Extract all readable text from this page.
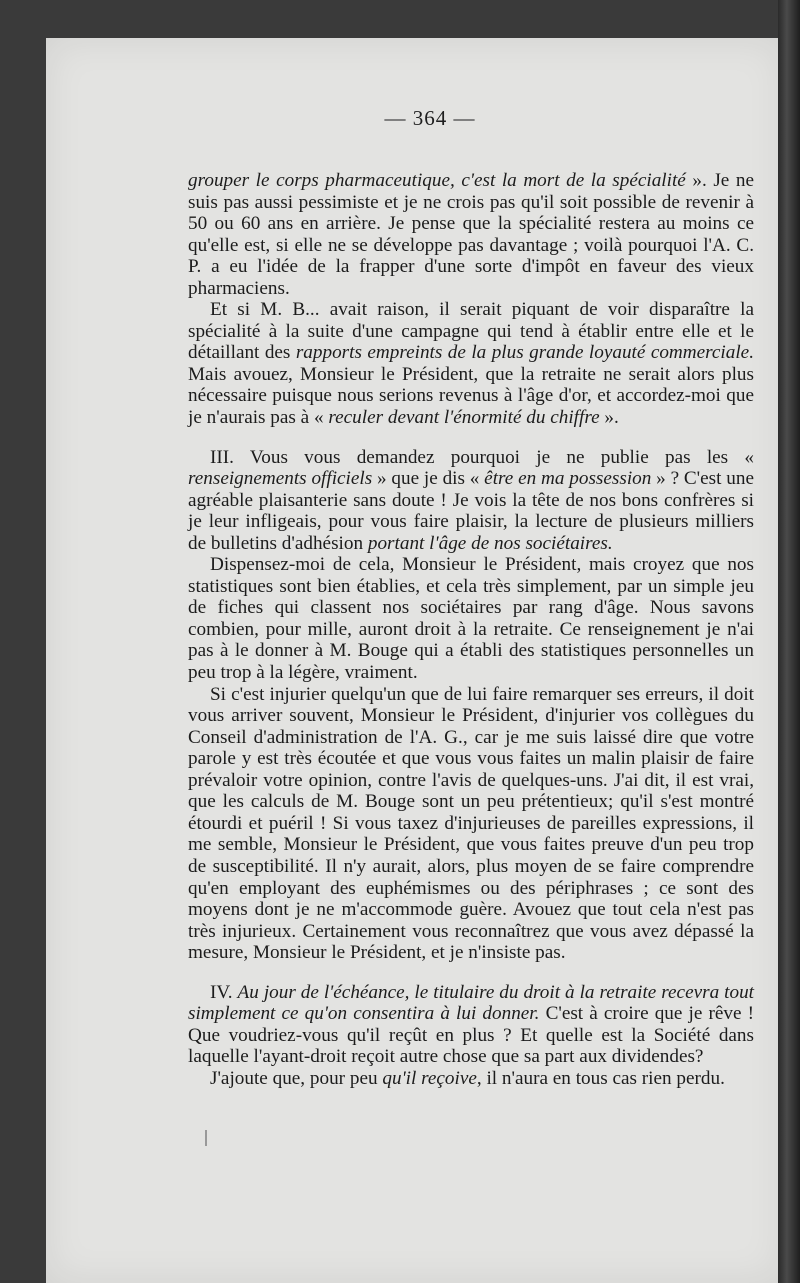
— 364 —

grouper le corps pharmaceutique, c'est la mort de la spécialité ». Je ne suis pas aussi pessimiste et je ne crois pas qu'il soit possible de revenir à 50 ou 60 ans en arrière. Je pense que la spécialité restera au moins ce qu'elle est, si elle ne se développe pas davantage ; voilà pourquoi l'A. C. P. a eu l'idée de la frapper d'une sorte d'impôt en faveur des vieux pharmaciens.

Et si M. B... avait raison, il serait piquant de voir disparaître la spécialité à la suite d'une campagne qui tend à établir entre elle et le détaillant des rapports empreints de la plus grande loyauté commerciale. Mais avouez, Monsieur le Président, que la retraite ne serait alors plus nécessaire puisque nous serions revenus à l'âge d'or, et accordez-moi que je n'aurais pas à « reculer devant l'énormité du chiffre ».

III. Vous vous demandez pourquoi je ne publie pas les « renseignements officiels » que je dis « être en ma possession » ? C'est une agréable plaisanterie sans doute ! Je vois la tête de nos bons confrères si je leur infligeais, pour vous faire plaisir, la lecture de plusieurs milliers de bulletins d'adhésion portant l'âge de nos sociétaires.

Dispensez-moi de cela, Monsieur le Président, mais croyez que nos statistiques sont bien établies, et cela très simplement, par un simple jeu de fiches qui classent nos sociétaires par rang d'âge. Nous savons combien, pour mille, auront droit à la retraite. Ce renseignement je n'ai pas à le donner à M. Bouge qui a établi des statistiques personnelles un peu trop à la légère, vraiment.

Si c'est injurier quelqu'un que de lui faire remarquer ses erreurs, il doit vous arriver souvent, Monsieur le Président, d'injurier vos collègues du Conseil d'administration de l'A. G., car je me suis laissé dire que votre parole y est très écoutée et que vous vous faites un malin plaisir de faire prévaloir votre opinion, contre l'avis de quelques-uns. J'ai dit, il est vrai, que les calculs de M. Bouge sont un peu prétentieux; qu'il s'est montré étourdi et puéril ! Si vous taxez d'injurieuses de pareilles expressions, il me semble, Monsieur le Président, que vous faites preuve d'un peu trop de susceptibilité. Il n'y aurait, alors, plus moyen de se faire comprendre qu'en employant des euphémismes ou des périphrases ; ce sont des moyens dont je ne m'accommode guère. Avouez que tout cela n'est pas très injurieux. Certainement vous reconnaîtrez que vous avez dépassé la mesure, Monsieur le Président, et je n'insiste pas.

IV. Au jour de l'échéance, le titulaire du droit à la retraite recevra tout simplement ce qu'on consentira à lui donner. C'est à croire que je rêve ! Que voudriez-vous qu'il reçût en plus ? Et quelle est la Société dans laquelle l'ayant-droit reçoit autre chose que sa part aux dividendes?

J'ajoute que, pour peu qu'il reçoive, il n'aura en tous cas rien perdu.
